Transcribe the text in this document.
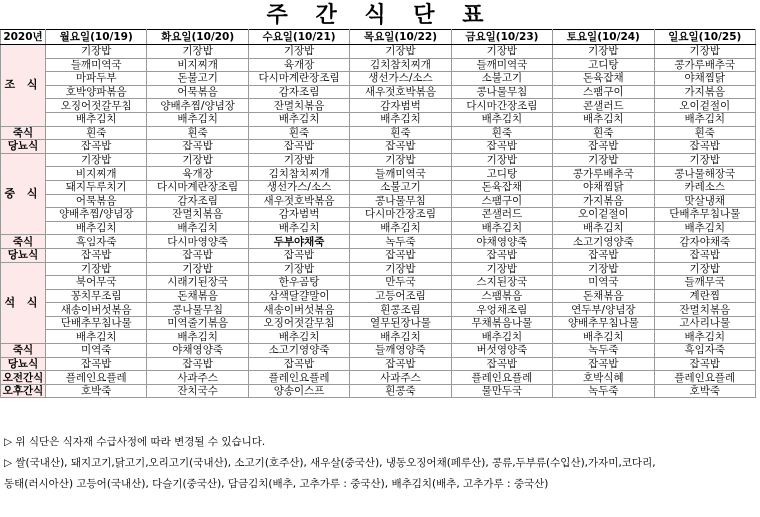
주 간 식 단 표
2020년	월요일(10/19)	화요일(10/20)	수요일(10/21)	목요일(10/22)	금요일(10/23)	토요일(10/24)	일요일(10/25)
조 식	기장밥	기장밥	기장밥	기장밥	기장밥	기장밥	기장밥
	들깨미역국	비지찌개	육개장	김치참치찌개	들깨미역국	고디탕	콩가루배추국
	마파두부	돈불고기	다시마계란장조림	생선가스/소스	소불고기	돈육잡채	야채찜닭
	호박양파볶음	어묵볶음	감자조림	새우젓호박볶음	콩나물무침	스팸구이	가지볶음
	오징어젓갈무침	양배추찜/양념장	잔멸치볶음	감자범벅	다시마간장조림	콘샐러드	오이겉절이
	배추김치	배추김치	배추김치	배추김치	배추김치	배추김치	배추김치
죽식	흰죽	흰죽	흰죽	흰죽	흰죽	흰죽	흰죽
당뇨식	잡곡밥	잡곡밥	잡곡밥	잡곡밥	잡곡밥	잡곡밥	잡곡밥
중 식	기장밥	기장밥	기장밥	기장밥	기장밥	기장밥	기장밥
	비지찌개	육개장	김치참치찌개	들깨미역국	고디탕	콩가루배추국	콩나물해장국
	돼지두루치기	다시마계란장조림	생선가스/소스	소불고기	돈육잡채	야채찜닭	카레소스
	어묵볶음	감자조림	새우젓호박볶음	콩나물무침	스팸구이	가지볶음	맛살냉채
	양배추찜/양념장	잔멸치볶음	감자범벅	다시마간장조림	콘샐러드	오이겉절이	단배추무침나물
	배추김치	배추김치	배추김치	배추김치	배추김치	배추김치	배추김치
죽식	흑임자죽	다시마영양죽	두부야채죽	녹두죽	야채영양죽	소고기영양죽	감자야채죽
당뇨식	잡곡밥	잡곡밥	잡곡밥	잡곡밥	잡곡밥	잡곡밥	잡곡밥
석 식	기장밥	기장밥	기장밥	기장밥	기장밥	기장밥	기장밥
	북어무국	시래기된장국	한우곰탕	만두국	스지된장국	미역국	들깨무국
	꽁치무조림	돈채볶음	삼색달걀말이	고등어조림	스팸볶음	돈채볶음	계란찜
	새송이버섯볶음	콩나물무침	새송이버섯볶음	흰콩조림	우엉채조림	연두부/양념장	잔멸치볶음
	단배추무침나물	미역줄기볶음	오징어젓갈무침	열무된장나물	무채볶음나물	양배추무침나물	고사리나물
	배추김치	배추김치	배추김치	배추김치	배추김치	배추김치	배추김치
죽식	미역죽	야채영양죽	소고기영양죽	들깨영양죽	버섯영양죽	녹두죽	흑임자죽
당뇨식	잡곡밥	잡곡밥	잡곡밥	잡곡밥	잡곡밥	잡곡밥	잡곡밥
오전간식	플레인요플레	사과주스	플레인요플레	사과주스	플레인요플레	호박식혜	플레인요플레
오후간식	호박죽	잔치국수	양송이스프	흰콩죽	물만두국	녹두죽	호박죽
▷ 위 식단은 식자재 수급사정에 따라 변경될 수 있습니다.
▷ 쌀(국내산), 돼지고기,닭고기,오리고기(국내산), 소고기(호주산), 새우살(중국산), 냉동오징어채(페루산), 콩류,두부류(수입산),가자미,코다리,
동태(러시아산) 고등어(국내산), 다슬기(중국산), 담금김치(배추, 고추가루 : 중국산), 배추김치(배추, 고추가루 : 중국산)
